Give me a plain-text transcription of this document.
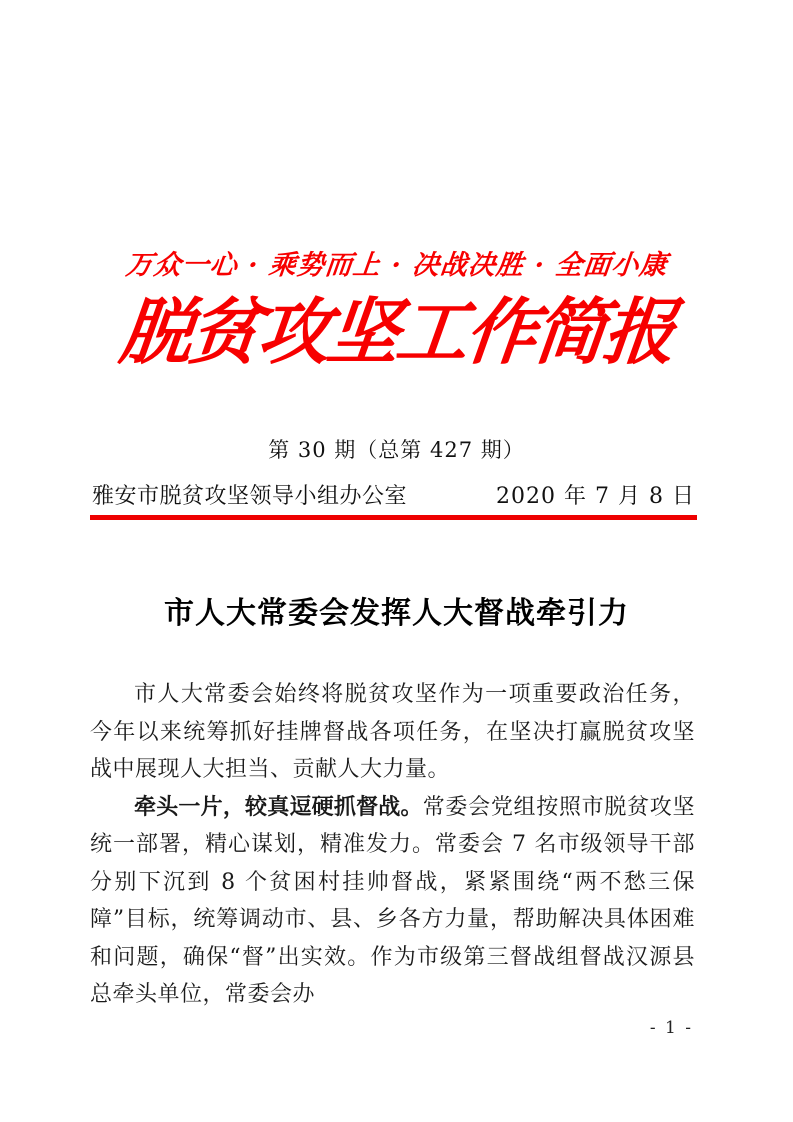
万众一心 · 乘势而上 · 决战决胜 · 全面小康
脱贫攻坚工作简报
第 30 期（总第 427 期）
雅安市脱贫攻坚领导小组办公室	2020 年 7 月 8 日
市人大常委会发挥人大督战牵引力

市人大常委会始终将脱贫攻坚作为一项重要政治任务，今年以来统筹抓好挂牌督战各项任务，在坚决打赢脱贫攻坚战中展现人大担当、贡献人大力量。

牵头一片，较真逗硬抓督战。常委会党组按照市脱贫攻坚统一部署，精心谋划，精准发力。常委会 7 名市级领导干部分别下沉到 8 个贫困村挂帅督战，紧紧围绕“两不愁三保障”目标，统筹调动市、县、乡各方力量，帮助解决具体困难和问题，确保“督”出实效。作为市级第三督战组督战汉源县总牵头单位，常委会办

- 1 -
